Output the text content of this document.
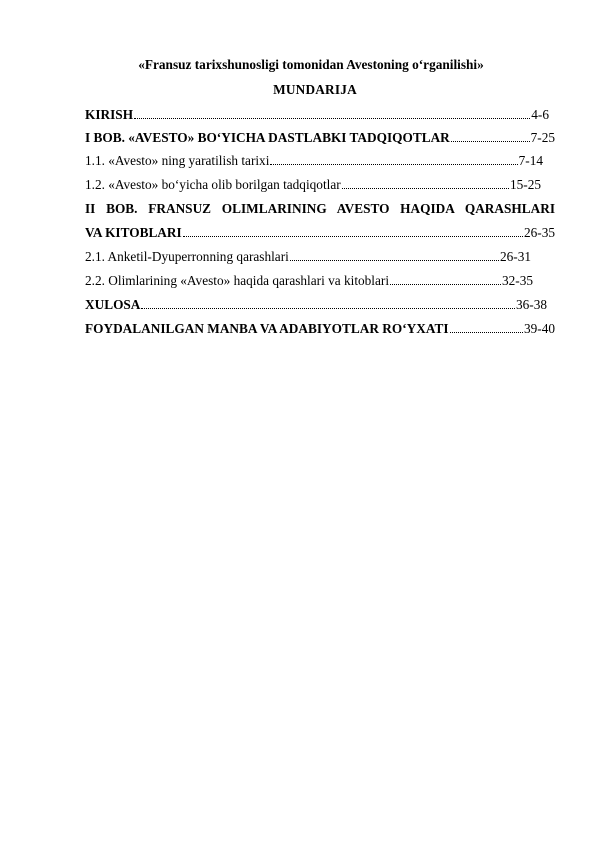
«Fransuz tarixshunosligi tomonidan Avestoning o‘rganilishi»
MUNDARIJA
KIRISH	4-6
I BOB. «AVESTO» BO‘YICHA DASTLABKI TADQIQOTLAR	7-25
1.1. «Avesto» ning yaratilish tarixi	7-14
1.2. «Avesto» bo‘yicha olib borilgan tadqiqotlar	15-25
II BOB. FRANSUZ OLIMLARINING AVESTO HAQIDA QARASHLARI
VA KITOBLARI	26-35
2.1. Anketil-Dyuperronning qarashlari	26-31
2.2. Olimlarining «Avesto» haqida qarashlari va kitoblari	32-35
XULOSA	36-38
FOYDALANILGAN MANBA VA ADABIYOTLAR RO‘YXATI	39-40
